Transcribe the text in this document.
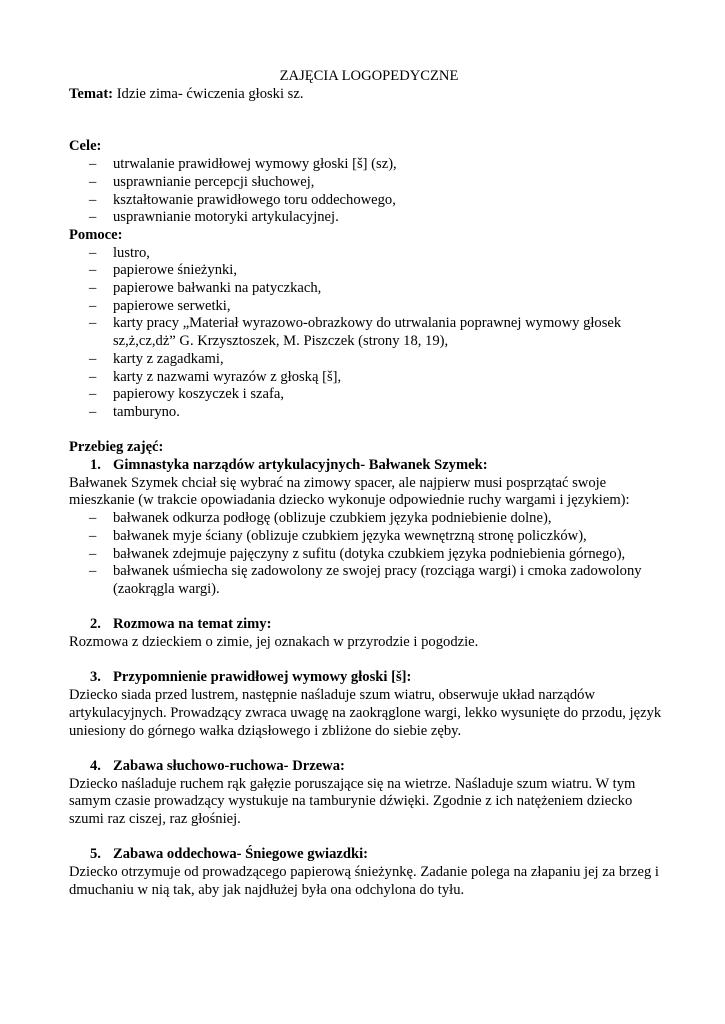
ZAJĘCIA LOGOPEDYCZNE

Temat: Idzie zima- ćwiczenia głoski sz.

Cele:

– utrwalanie prawidłowej wymowy głoski [š] (sz),
– usprawnianie percepcji słuchowej,
– kształtowanie prawidłowego toru oddechowego,
– usprawnianie motoryki artykulacyjnej.

Pomoce:

– lustro,
– papierowe śnieżynki,
– papierowe bałwanki na patyczkach,
– papierowe serwetki,
– karty pracy „Materiał wyrazowo-obrazkowy do utrwalania poprawnej wymowy głosek sz,ż,cz,dż” G. Krzysztoszek, M. Piszczek (strony 18, 19),
– karty z zagadkami,
– karty z nazwami wyrazów z głoską [š],
– papierowy koszyczek i szafa,
– tamburyno.

Przebieg zajęć:

1. Gimnastyka narządów artykulacyjnych- Bałwanek Szymek:

Bałwanek Szymek chciał się wybrać na zimowy spacer, ale najpierw musi posprzątać swoje mieszkanie (w trakcie opowiadania dziecko wykonuje odpowiednie ruchy wargami i językiem):

– bałwanek odkurza podłogę (oblizuje czubkiem języka podniebienie dolne),
– bałwanek myje ściany (oblizuje czubkiem języka wewnętrzną stronę policzków),
– bałwanek zdejmuje pajęczyny z sufitu (dotyka czubkiem języka podniebienia górnego),
– bałwanek uśmiecha się zadowolony ze swojej pracy (rozciąga wargi) i cmoka zadowolony (zaokrągla wargi).

2. Rozmowa na temat zimy:

Rozmowa z dzieckiem o zimie, jej oznakach w przyrodzie i pogodzie.

3. Przypomnienie prawidłowej wymowy głoski [š]:

Dziecko siada przed lustrem, następnie naśladuje szum wiatru, obserwuje układ narządów artykulacyjnych. Prowadzący zwraca uwagę na zaokrąglone wargi, lekko wysunięte do przodu, język uniesiony do górnego wałka dziąsłowego i zbliżone do siebie zęby.

4. Zabawa słuchowo-ruchowa- Drzewa:

Dziecko naśladuje ruchem rąk gałęzie poruszające się na wietrze. Naśladuje szum wiatru. W tym samym czasie prowadzący wystukuje na tamburynie dźwięki. Zgodnie z ich natężeniem dziecko szumi raz ciszej, raz głośniej.

5. Zabawa oddechowa- Śniegowe gwiazdki:

Dziecko otrzymuje od prowadzącego papierową śnieżynkę. Zadanie polega na złapaniu jej za brzeg i dmuchaniu w nią tak, aby jak najdłużej była ona odchylona do tyłu.
